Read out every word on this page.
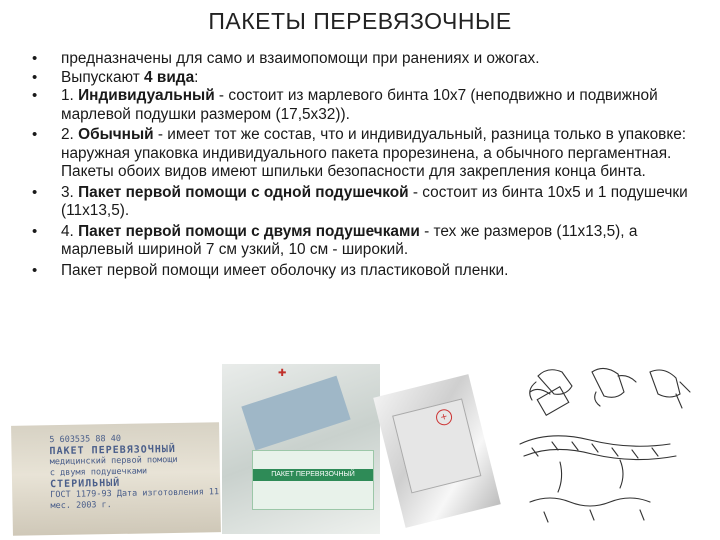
ПАКЕТЫ ПЕРЕВЯЗОЧНЫЕ
• предназначены для само и взаимопомощи при ранениях и ожогах.
• Выпускают 4 вида:
• 1. Индивидуальный - состоит из марлевого бинта 10х7 (неподвижно и подвижной марлевой подушки размером (17,5х32)).
• 2. Обычный - имеет тот же состав, что и индивидуальный, разница только в упаковке: наружная упаковка индивидуального пакета прорезинена, а обычного пергаментная. Пакеты обоих видов имеют шпильки безопасности для закрепления конца бинта.
• 3. Пакет первой помощи с одной подушечкой - состоит из бинта 10х5 и 1 подушечки (11х13,5).
• 4. Пакет первой помощи с двумя подушечками - тех же размеров (11х13,5), а марлевый шириной 7 см узкий, 10 см - широкий.
• Пакет первой помощи имеет оболочку из пластиковой пленки.
5 603535 88 40
ПАКЕТ ПЕРЕВЯЗОЧНЫЙ
медицинский первой помощи
с двумя подушечками
СТЕРИЛЬНЫЙ
ГОСТ 1179-93 Дата изготовления 11 мес. 2003 г.
ПАКЕТ ПЕРЕВЯЗОЧНЫЙ
✚
+
